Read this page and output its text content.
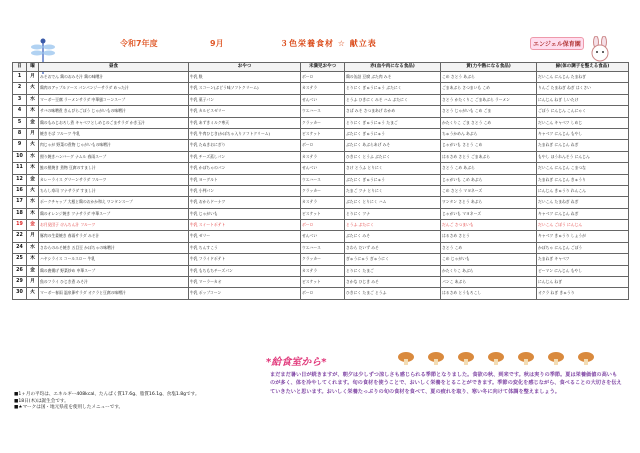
令和7年度	9月	３色栄養食材 ☆ 献立表	エンジェル保育園
日	曜	昼食	おやつ	未満児おやつ	赤(血や肉になる食品)	黄(力や熱になる食品)	緑(体の調子を整える食品)
1	月	みそおでん 鶏のおみそ汁 鶏の味噌汁	牛乳 麩	ボーロ	鶏の缶詰 豆腐 ぶた肉 みそ	こめ さとう あぶら	だいこん にんじん たまねぎ
2	火	鶏肉のアップルソース パンパンジーサラダ めった汁	牛乳 スコーン(ぶどう味ソフトクリーム)	カステラ	とりにく ぎゅうにゅう ぶたにく	ごまあぶら さつまいも こめ	りんご たまねぎ ねぎ はくさい
3	水	マーボー豆腐 ラーメンサラダ 中華風コーンスープ	牛乳 菓子パン	せんべい	とうふ ひきにく みそ ハム ぶたにく	さとう かたくりこ ごまあぶら ラーメン	にんじん ねぎ しいたけ
4	木	サバの味噌煮 きんぴらごぼう じゃがいもの味噌汁	牛乳 カルピスゼリー	ウエハース	さば みそ さつまあげ わかめ	さとう じゃがいも こめ ごま	ごぼう にんじん こんにゃく
5	金	鶏のもみじおろし煮 キャベツとしめじのごまサラダ かき玉汁	牛乳 あずきミルク寒天	クラッカー	とりにく ぎゅうにゅう たまご	かたくりこ ごま さとう こめ	だいこん キャベツ しめじ
8	月	焼きそば フルーツ 牛乳	牛乳 牛肉ひじき(かぼちゃ入りソフトクリーム)	ビスケット	ぶたにく ぎゅうにゅう	ちゅうかめん あぶら	キャベツ にんじん もやし
9	火	肉じゃが 野菜の煮物 じゃがいもの味噌汁	牛乳 たぬきおにぎり	ボーロ	ぶたにく あぶらあげ みそ	じゃがいも さとう こめ	たまねぎ にんじん ねぎ
10	水	照り焼きハンバーグ ナムル 春雨スープ	牛乳 チーズ蒸しパン	カステラ	ひきにく とうふ ぶたにく	はるさめ さとう ごまあぶら	もやし ほうれんそう にんじん
11	木	鮭の照焼き 煮物 豆腐のすまし汁	牛乳 かぼちゃのパン	せんべい	さけ とうふ とりにく	さとう こめ あぶら	だいこん にんじん こまつな
12	金	カレーライス グリーンサラダ フルーツ	牛乳 ヨーグルト	ウエハース	ぶたにく ぎゅうにゅう	じゃがいも こめ あぶら	たまねぎ にんじん きゅうり
16	火	ちらし寿司 ツナサラダ すまし汁	牛乳 小判パン	クラッカー	たまご ツナ とりにく	こめ さとう マヨネーズ	にんじん きゅうり れんこん
17	水	ポークチャップ 大根と鶏のおかか和え ワンタンスープ	牛乳 おからドーナツ	カステラ	ぶたにく とりにく ハム	ワンタン さとう あぶら	だいこん たまねぎ ねぎ
18	木	鶏のオレンジ焼き ツナサラダ 中華スープ	牛乳 じゃがいも	ビスケット	とりにく ツナ	じゃがいも マヨネーズ	キャベツ にんじん ねぎ
19	金	お月見団子 けんちん汁 フルーツ	牛乳 スイートポテト	ボーロ	とうふ ぶたにく	だんご さつまいも	だいこん ごぼう にんじん
22	月	豚肉の生姜焼き 春雨サラダ みそ汁	牛乳 ゼリー	せんべい	ぶたにく みそ	はるさめ さとう	キャベツ きゅうり しょうが
24	水	さわらのみそ焼き 五目豆 かぼちゃの味噌汁	牛乳 ちんすこう	ウエハース	さわら だいず みそ	さとう こめ	かぼちゃ にんじん ごぼう
25	木	ハヤシライス コールスロー 牛乳	牛乳 フライドポテト	クラッカー	ぎゅうにゅう ぎゅうにく	こめ じゃがいも	たまねぎ キャベツ
26	金	鶏の唐揚げ 野菜炒め 中華スープ	牛乳 もちもちチーズパン	カステラ	とりにく たまご	かたくりこ あぶら	ピーマン にんじん もやし
29	月	魚のフライ ひじき煮 みそ汁	牛乳 マーラーカオ	ビスケット	さかな ひじき みそ	パンこ あぶら	にんじん ねぎ
30	火	マーボー春雨 温泉卵サラダ オクラと豆腐の味噌汁	牛乳 ポップコーン	ボーロ	ひきにく たまご とうふ	はるさめ とうもろこし	オクラ ねぎ きゅうり
■1ヶ月の平均は、エネルギー408kcal、たんぱく質17.6g、脂質16.1g、食塩1.8gです。
■18日(木)は誕生会です。
■★マークは国・地元県産を使用したメニューです。
*給食室から*
まだまだ暑い日が続きますが、朝夕は少しずつ涼しさも感じられる季節となりました。食欲の秋、到来です。秋は実りの季節。夏は栄養価値の高いものが多く、体を冷やしてくれます。旬の食材を使うことで、おいしく栄養をとることができます。季節の変化を感じながら、食べることの大切さを伝えていきたいと思います。おいしく栄養たっぷりの旬の食材を食べて、夏の疲れを取り、寒い冬に向けて体調を整えましょう。
